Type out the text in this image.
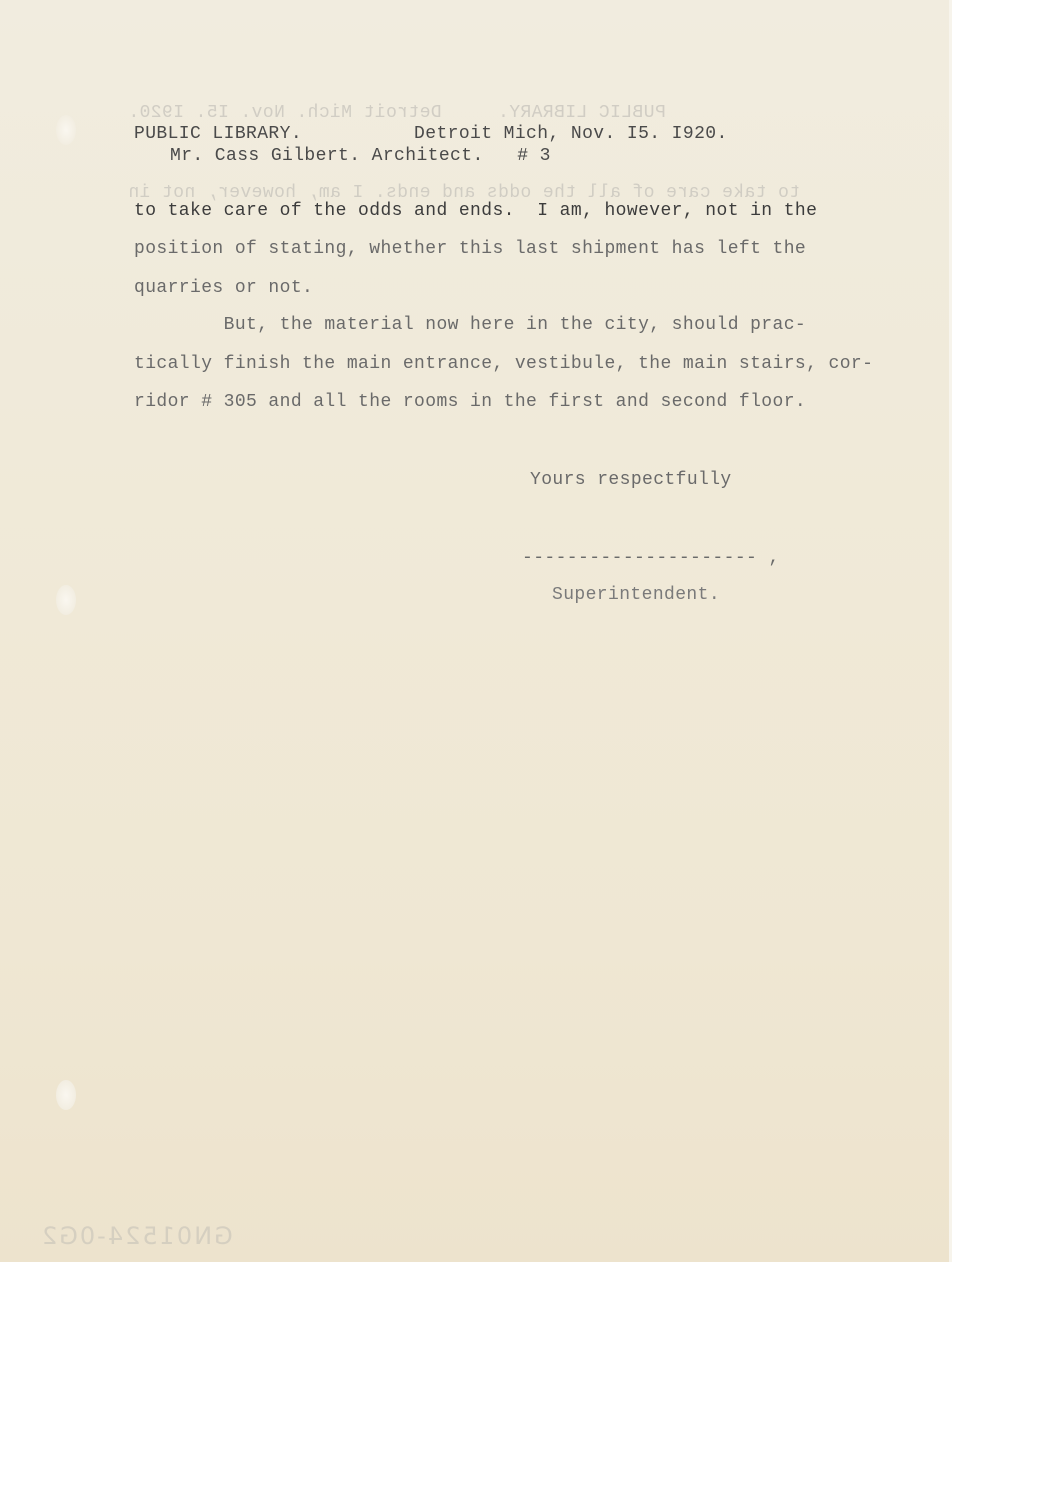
PUBLIC LIBRARY.     Detroit Mich. Nov. I5. I920.
to take care of all the odds and ends. I am, however, not in
PUBLIC LIBRARY.          Detroit Mich, Nov. I5. I920.
Mr. Cass Gilbert. Architect.   # 3
to take care of the odds and ends.  I am, however, not in the
position of stating, whether this last shipment has left the
quarries or not.
But, the material now here in the city, should prac-
tically finish the main entrance, vestibule, the main stairs, cor-
ridor # 305 and all the rooms in the first and second floor.
Yours respectfully
--------------------- ,
Superintendent.
GN01524-0G2
